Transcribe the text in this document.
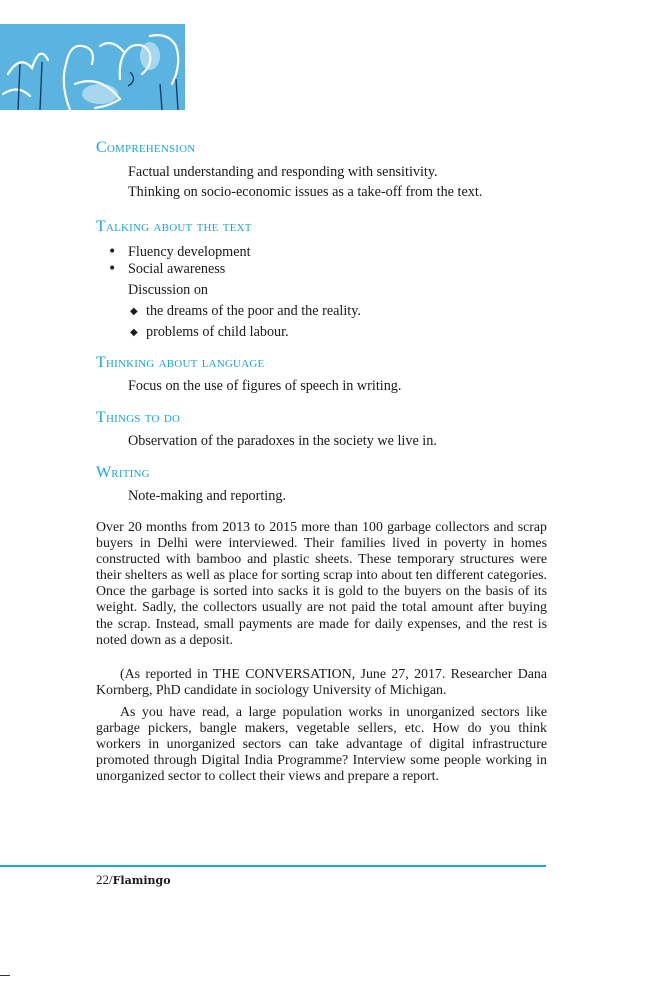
Comprehension
Factual understanding and responding with sensitivity.
Thinking on socio-economic issues as a take-off from the text.
Talking about the text
• Fluency development
• Social awareness
Discussion on
◆ the dreams of the poor and the reality.
◆ problems of child labour.
Thinking about language
Focus on the use of figures of speech in writing.
Things to do
Observation of the paradoxes in the society we live in.
Writing
Note-making and reporting.

Over 20 months from 2013 to 2015 more than 100 garbage collectors and scrap buyers in Delhi were interviewed. Their families lived in poverty in homes constructed with bamboo and plastic sheets. These temporary structures were their shelters as well as place for sorting scrap into about ten different categories. Once the garbage is sorted into sacks it is gold to the buyers on the basis of its weight. Sadly, the collectors usually are not paid the total amount after buying the scrap. Instead, small payments are made for daily expenses, and the rest is noted down as a deposit.

(As reported in THE CONVERSATION, June 27, 2017. Researcher Dana Kornberg, PhD candidate in sociology University of Michigan.

As you have read, a large population works in unorganized sectors like garbage pickers, bangle makers, vegetable sellers, etc. How do you think workers in unorganized sectors can take advantage of digital infrastructure promoted through Digital India Programme? Interview some people working in unorganized sector to collect their views and prepare a report.

22/Flamingo
